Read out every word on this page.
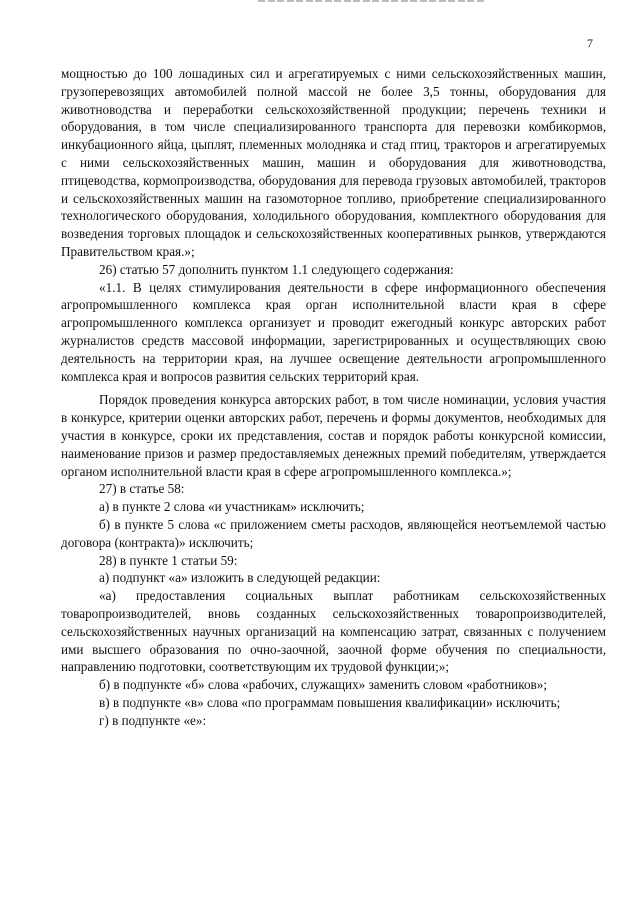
7

мощностью до 100 лошадиных сил и агрегатируемых с ними сельскохозяйственных машин, грузоперевозящих автомобилей полной массой не более 3,5 тонны, оборудования для животноводства и переработки сельскохозяйственной продукции; перечень техники и оборудования, в том числе специализированного транспорта для перевозки комбикормов, инкубационного яйца, цыплят, племенных молодняка и стад птиц, тракторов и агрегатируемых с ними сельскохозяйственных машин, машин и оборудования для животноводства, птицеводства, кормопроизводства, оборудования для перевода грузовых автомобилей, тракторов и сельскохозяйственных машин на газомоторное топливо, приобретение специализированного технологического оборудования, холодильного оборудования, комплектного оборудования для возведения торговых площадок и сельскохозяйственных кооперативных рынков, утверждаются Правительством края.»;

26) статью 57 дополнить пунктом 1.1 следующего содержания:

«1.1. В целях стимулирования деятельности в сфере информационного обеспечения агропромышленного комплекса края орган исполнительной власти края в сфере агропромышленного комплекса организует и проводит ежегодный конкурс авторских работ журналистов средств массовой информации, зарегистрированных и осуществляющих свою деятельность на территории края, на лучшее освещение деятельности агропромышленного комплекса края и вопросов развития сельских территорий края.

Порядок проведения конкурса авторских работ, в том числе номинации, условия участия в конкурсе, критерии оценки авторских работ, перечень и формы документов, необходимых для участия в конкурсе, сроки их представления, состав и порядок работы конкурсной комиссии, наименование призов и размер предоставляемых денежных премий победителям, утверждается органом исполнительной власти края в сфере агропромышленного комплекса.»;

27) в статье 58:

а) в пункте 2 слова «и участникам» исключить;

б) в пункте 5 слова «с приложением сметы расходов, являющейся неотъемлемой частью договора (контракта)» исключить;

28) в пункте 1 статьи 59:

а) подпункт «а» изложить в следующей редакции:

«а) предоставления социальных выплат работникам сельскохозяйственных товаропроизводителей, вновь созданных сельскохозяйственных товаропроизводителей, сельскохозяйственных научных организаций на компенсацию затрат, связанных с получением ими высшего образования по очно-заочной, заочной форме обучения по специальности, направлению подготовки, соответствующим их трудовой функции;»;

б) в подпункте «б» слова «рабочих, служащих» заменить словом «работников»;

в) в подпункте «в» слова «по программам повышения квалификации» исключить;

г) в подпункте «е»:
